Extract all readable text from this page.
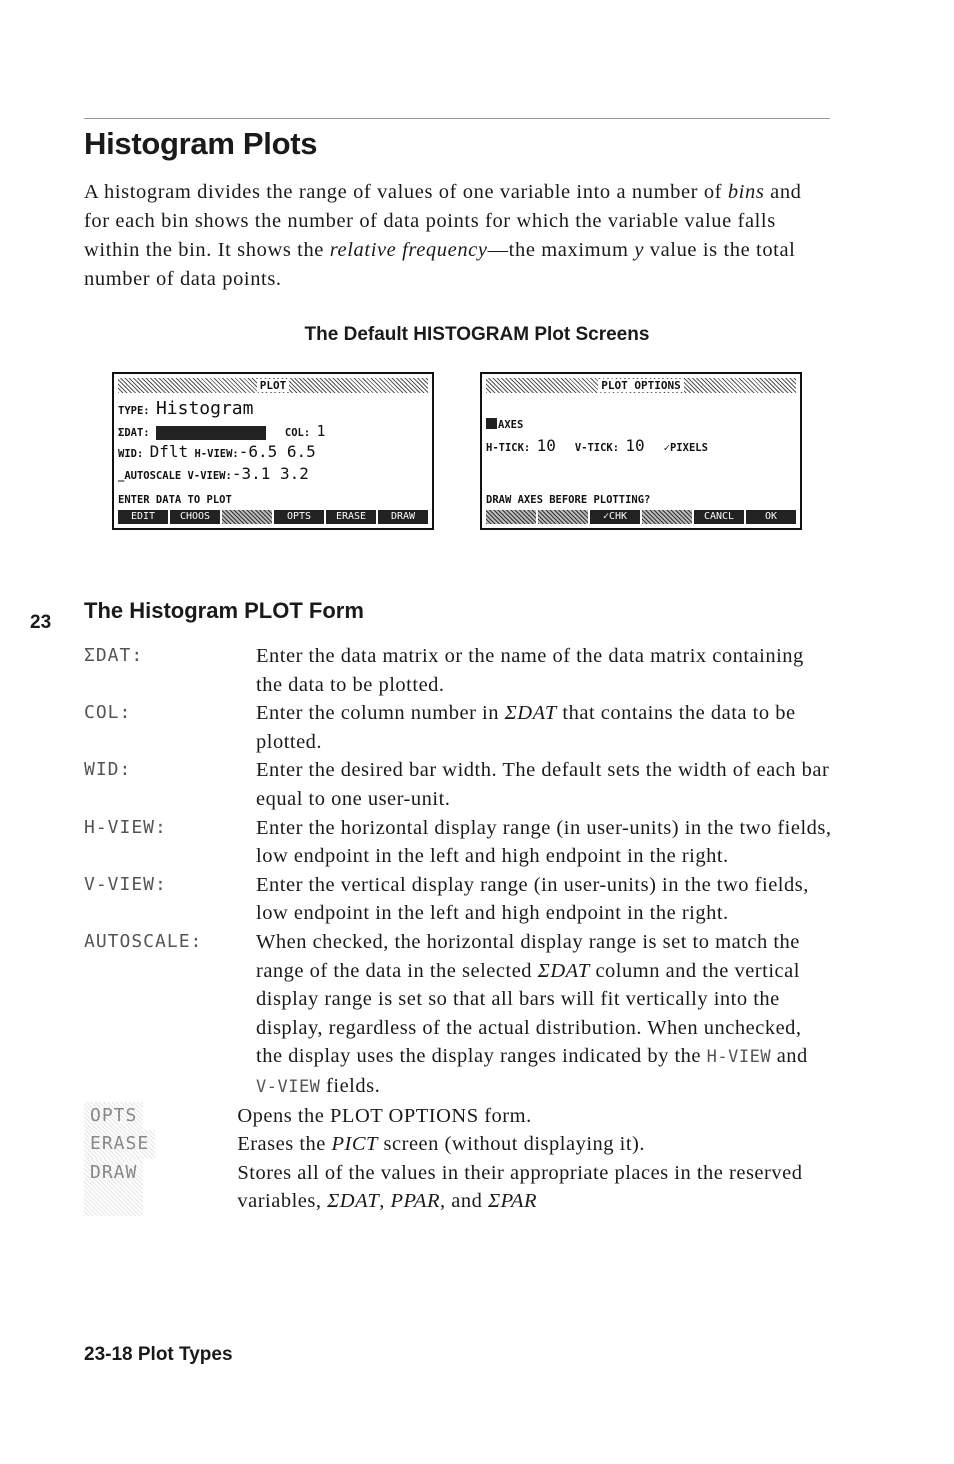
Histogram Plots
A histogram divides the range of values of one variable into a number of bins and for each bin shows the number of data points for which the variable value falls within the bin. It shows the relative frequency—the maximum y value is the total number of data points.
The Default HISTOGRAM Plot Screens
PLOT
TYPE: Histogram
ΣDAT:	COL: 1
WID: Dflt H-VIEW:-6.5 6.5
_AUTOSCALE V-VIEW:-3.1 3.2
ENTER DATA TO PLOT
EDIT	CHOOS	OPTS	ERASE	DRAW
PLOT OPTIONS
AXES
H-TICK: 10 V-TICK: 10 ✓PIXELS
DRAW AXES BEFORE PLOTTING?
✓CHK	CANCL	OK
23 The Histogram PLOT Form
ΣDAT:	Enter the data matrix or the name of the data matrix containing the data to be plotted.
COL:	Enter the column number in ΣDAT that contains the data to be plotted.
WID:	Enter the desired bar width. The default sets the width of each bar equal to one user-unit.
H-VIEW:	Enter the horizontal display range (in user-units) in the two fields, low endpoint in the left and high endpoint in the right.
V-VIEW:	Enter the vertical display range (in user-units) in the two fields, low endpoint in the left and high endpoint in the right.
AUTOSCALE:	When checked, the horizontal display range is set to match the range of the data in the selected ΣDAT column and the vertical display range is set so that all bars will fit vertically into the display, regardless of the actual distribution. When unchecked, the display uses the display ranges indicated by the H-VIEW and V-VIEW fields.
OPTS	Opens the PLOT OPTIONS form.
ERASE	Erases the PICT screen (without displaying it).
DRAW	Stores all of the values in their appropriate places in the reserved variables, ΣDAT, PPAR, and ΣPAR
23-18 Plot Types
